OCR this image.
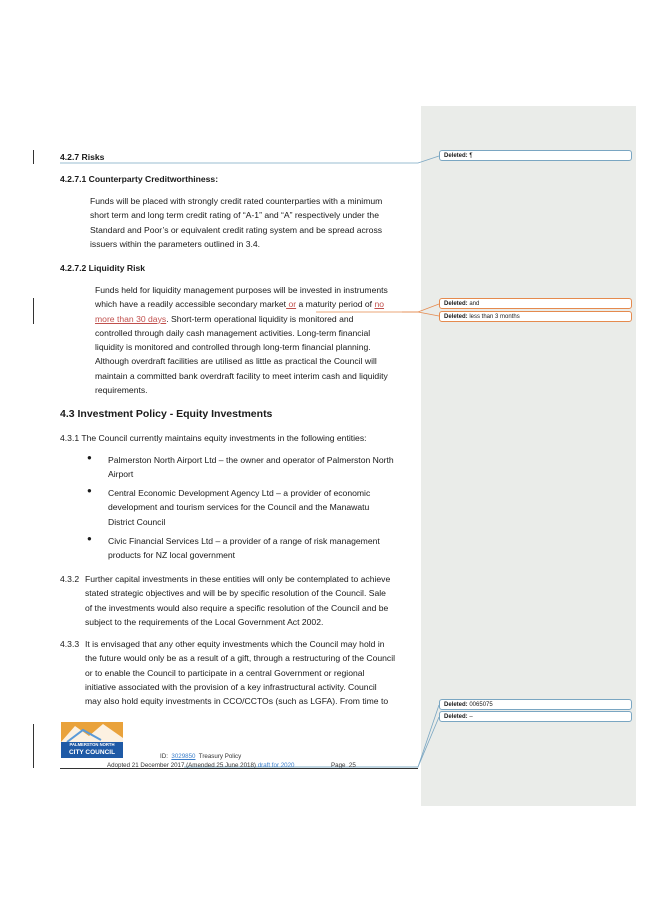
4.2.7 Risks
4.2.7.1 Counterparty Creditworthiness:
Funds will be placed with strongly credit rated counterparties with a minimum
short term and long term credit rating of “A-1” and “A” respectively under the
Standard and Poor’s or equivalent credit rating system and be spread across
issuers within the parameters outlined in 3.4.
4.2.7.2 Liquidity Risk
Funds held for liquidity management purposes will be invested in instruments
which have a readily accessible secondary market or a maturity period of no
more than 30 days. Short-term operational liquidity is monitored and
controlled through daily cash management activities. Long-term financial
liquidity is monitored and controlled through long-term financial planning.
Although overdraft facilities are utilised as little as practical the Council will
maintain a committed bank overdraft facility to meet interim cash and liquidity
requirements.
4.3 Investment Policy - Equity Investments
4.3.1 The Council currently maintains equity investments in the following entities:
● Palmerston North Airport Ltd – the owner and operator of Palmerston North
Airport
● Central Economic Development Agency Ltd – a provider of economic
development and tourism services for the Council and the Manawatu
District Council
● Civic Financial Services Ltd – a provider of a range of risk management
products for NZ local government
4.3.2 Further capital investments in these entities will only be contemplated to achieve
stated strategic objectives and will be by specific resolution of the Council. Sale
of the investments would also require a specific resolution of the Council and be
subject to the requirements of the Local Government Act 2002.
4.3.3 It is envisaged that any other equity investments which the Council may hold in
the future would only be as a result of a gift, through a restructuring of the Council
or to enable the Council to participate in a central Government or regional
initiative associated with the provision of a key infrastructural activity. Council
may also hold equity investments in CCO/CCTOs (such as LGFA). From time to
PALMERSTON NORTH
CITY COUNCIL
ID: 3029850 Treasury Policy
Adopted 21 December 2017 (Amended 25 June 2018) draft for 2020	Page 25
Deleted: ¶
Deleted: and
Deleted: less than 3 months
Deleted: 0065075
Deleted: –
